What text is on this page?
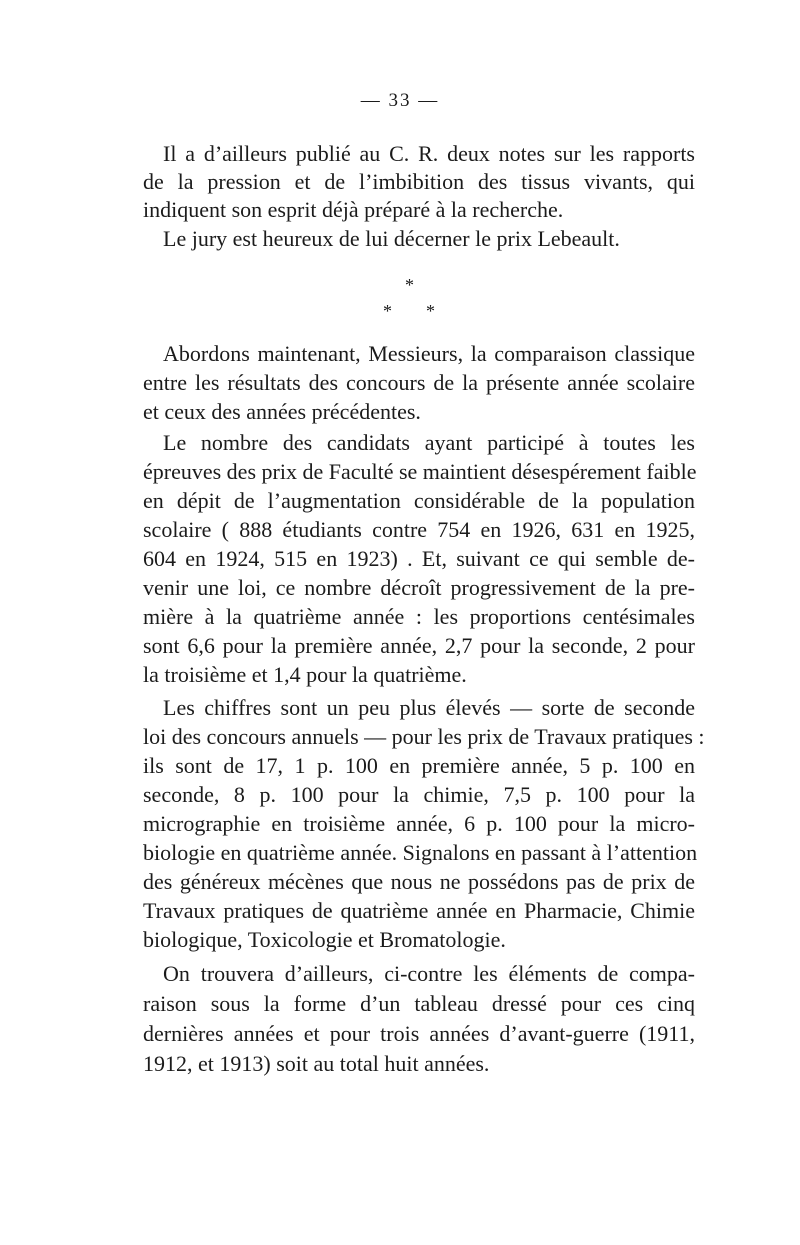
— 33 —
Il a d’ailleurs publié au C. R. deux notes sur les rapports
de la pression et de l’imbibition des tissus vivants, qui
indiquent son esprit déjà préparé à la recherche.
Le jury est heureux de lui décerner le prix Lebeault.
*
* *
Abordons maintenant, Messieurs, la comparaison classique
entre les résultats des concours de la présente année scolaire
et ceux des années précédentes.
Le nombre des candidats ayant participé à toutes les
épreuves des prix de Faculté se maintient désespérement faible
en dépit de l’augmentation considérable de la population
scolaire ( 888 étudiants contre 754 en 1926, 631 en 1925,
604 en 1924, 515 en 1923) . Et, suivant ce qui semble de-
venir une loi, ce nombre décroît progressivement de la pre-
mière à la quatrième année : les proportions centésimales
sont 6,6 pour la première année, 2,7 pour la seconde, 2 pour
la troisième et 1,4 pour la quatrième.
Les chiffres sont un peu plus élevés — sorte de seconde
loi des concours annuels — pour les prix de Travaux pratiques :
ils sont de 17, 1 p. 100 en première année, 5 p. 100 en
seconde, 8 p. 100 pour la chimie, 7,5 p. 100 pour la
micrographie en troisième année, 6 p. 100 pour la micro-
biologie en quatrième année. Signalons en passant à l’attention
des généreux mécènes que nous ne possédons pas de prix de
Travaux pratiques de quatrième année en Pharmacie, Chimie
biologique, Toxicologie et Bromatologie.
On trouvera d’ailleurs, ci-contre les éléments de compa-
raison sous la forme d’un tableau dressé pour ces cinq
dernières années et pour trois années d’avant-guerre (1911,
1912, et 1913) soit au total huit années.
